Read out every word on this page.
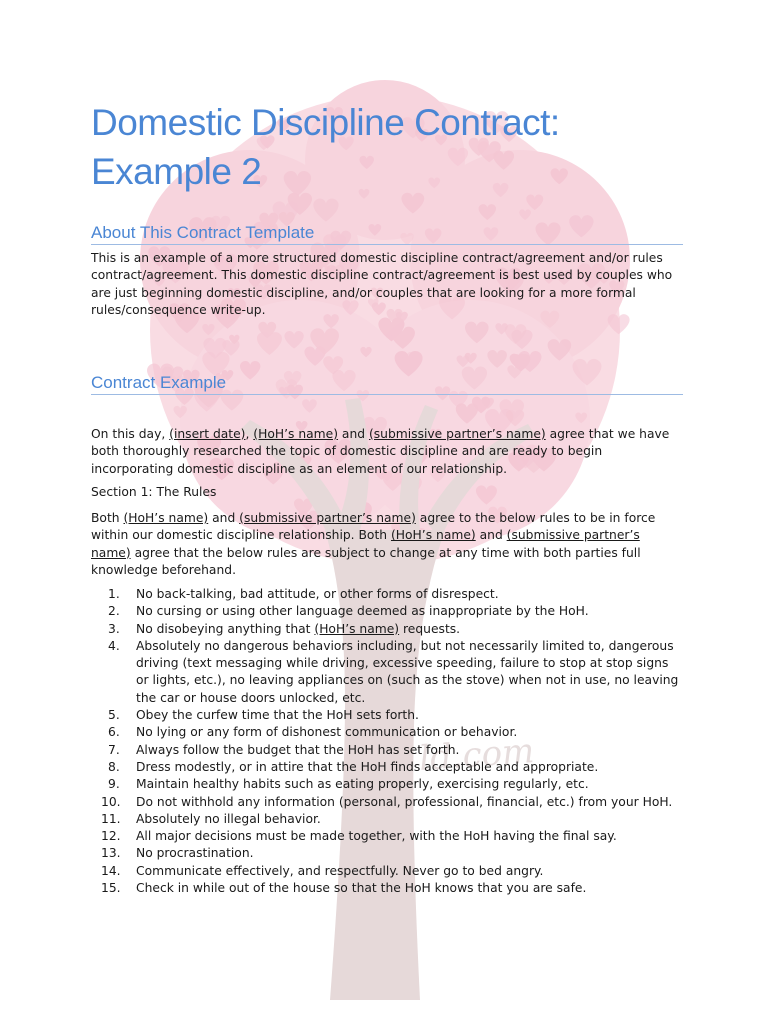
ld.com
Domestic Discipline Contract:
Example 2
About This Contract Template

This is an example of a more structured domestic discipline contract/agreement and/or rules contract/agreement. This domestic discipline contract/agreement is best used by couples who are just beginning domestic discipline, and/or couples that are looking for a more formal rules/consequence write-up.

Contract Example

On this day, (insert date), (HoH’s name) and (submissive partner’s name) agree that we have both thoroughly researched the topic of domestic discipline and are ready to begin incorporating domestic discipline as an element of our relationship.

Section 1: The Rules

Both (HoH’s name) and (submissive partner’s name) agree to the below rules to be in force within our domestic discipline relationship. Both (HoH’s name) and (submissive partner’s name) agree that the below rules are subject to change at any time with both parties full knowledge beforehand.

1. No back-talking, bad attitude, or other forms of disrespect.
2. No cursing or using other language deemed as inappropriate by the HoH.
3. No disobeying anything that (HoH’s name) requests.
4. Absolutely no dangerous behaviors including, but not necessarily limited to, dangerous driving (text messaging while driving, excessive speeding, failure to stop at stop signs or lights, etc.), no leaving appliances on (such as the stove) when not in use, no leaving the car or house doors unlocked, etc.
5. Obey the curfew time that the HoH sets forth.
6. No lying or any form of dishonest communication or behavior.
7. Always follow the budget that the HoH has set forth.
8. Dress modestly, or in attire that the HoH finds acceptable and appropriate.
9. Maintain healthy habits such as eating properly, exercising regularly, etc.
10. Do not withhold any information (personal, professional, financial, etc.) from your HoH.
11. Absolutely no illegal behavior.
12. All major decisions must be made together, with the HoH having the final say.
13. No procrastination.
14. Communicate effectively, and respectfully. Never go to bed angry.
15. Check in while out of the house so that the HoH knows that you are safe.
